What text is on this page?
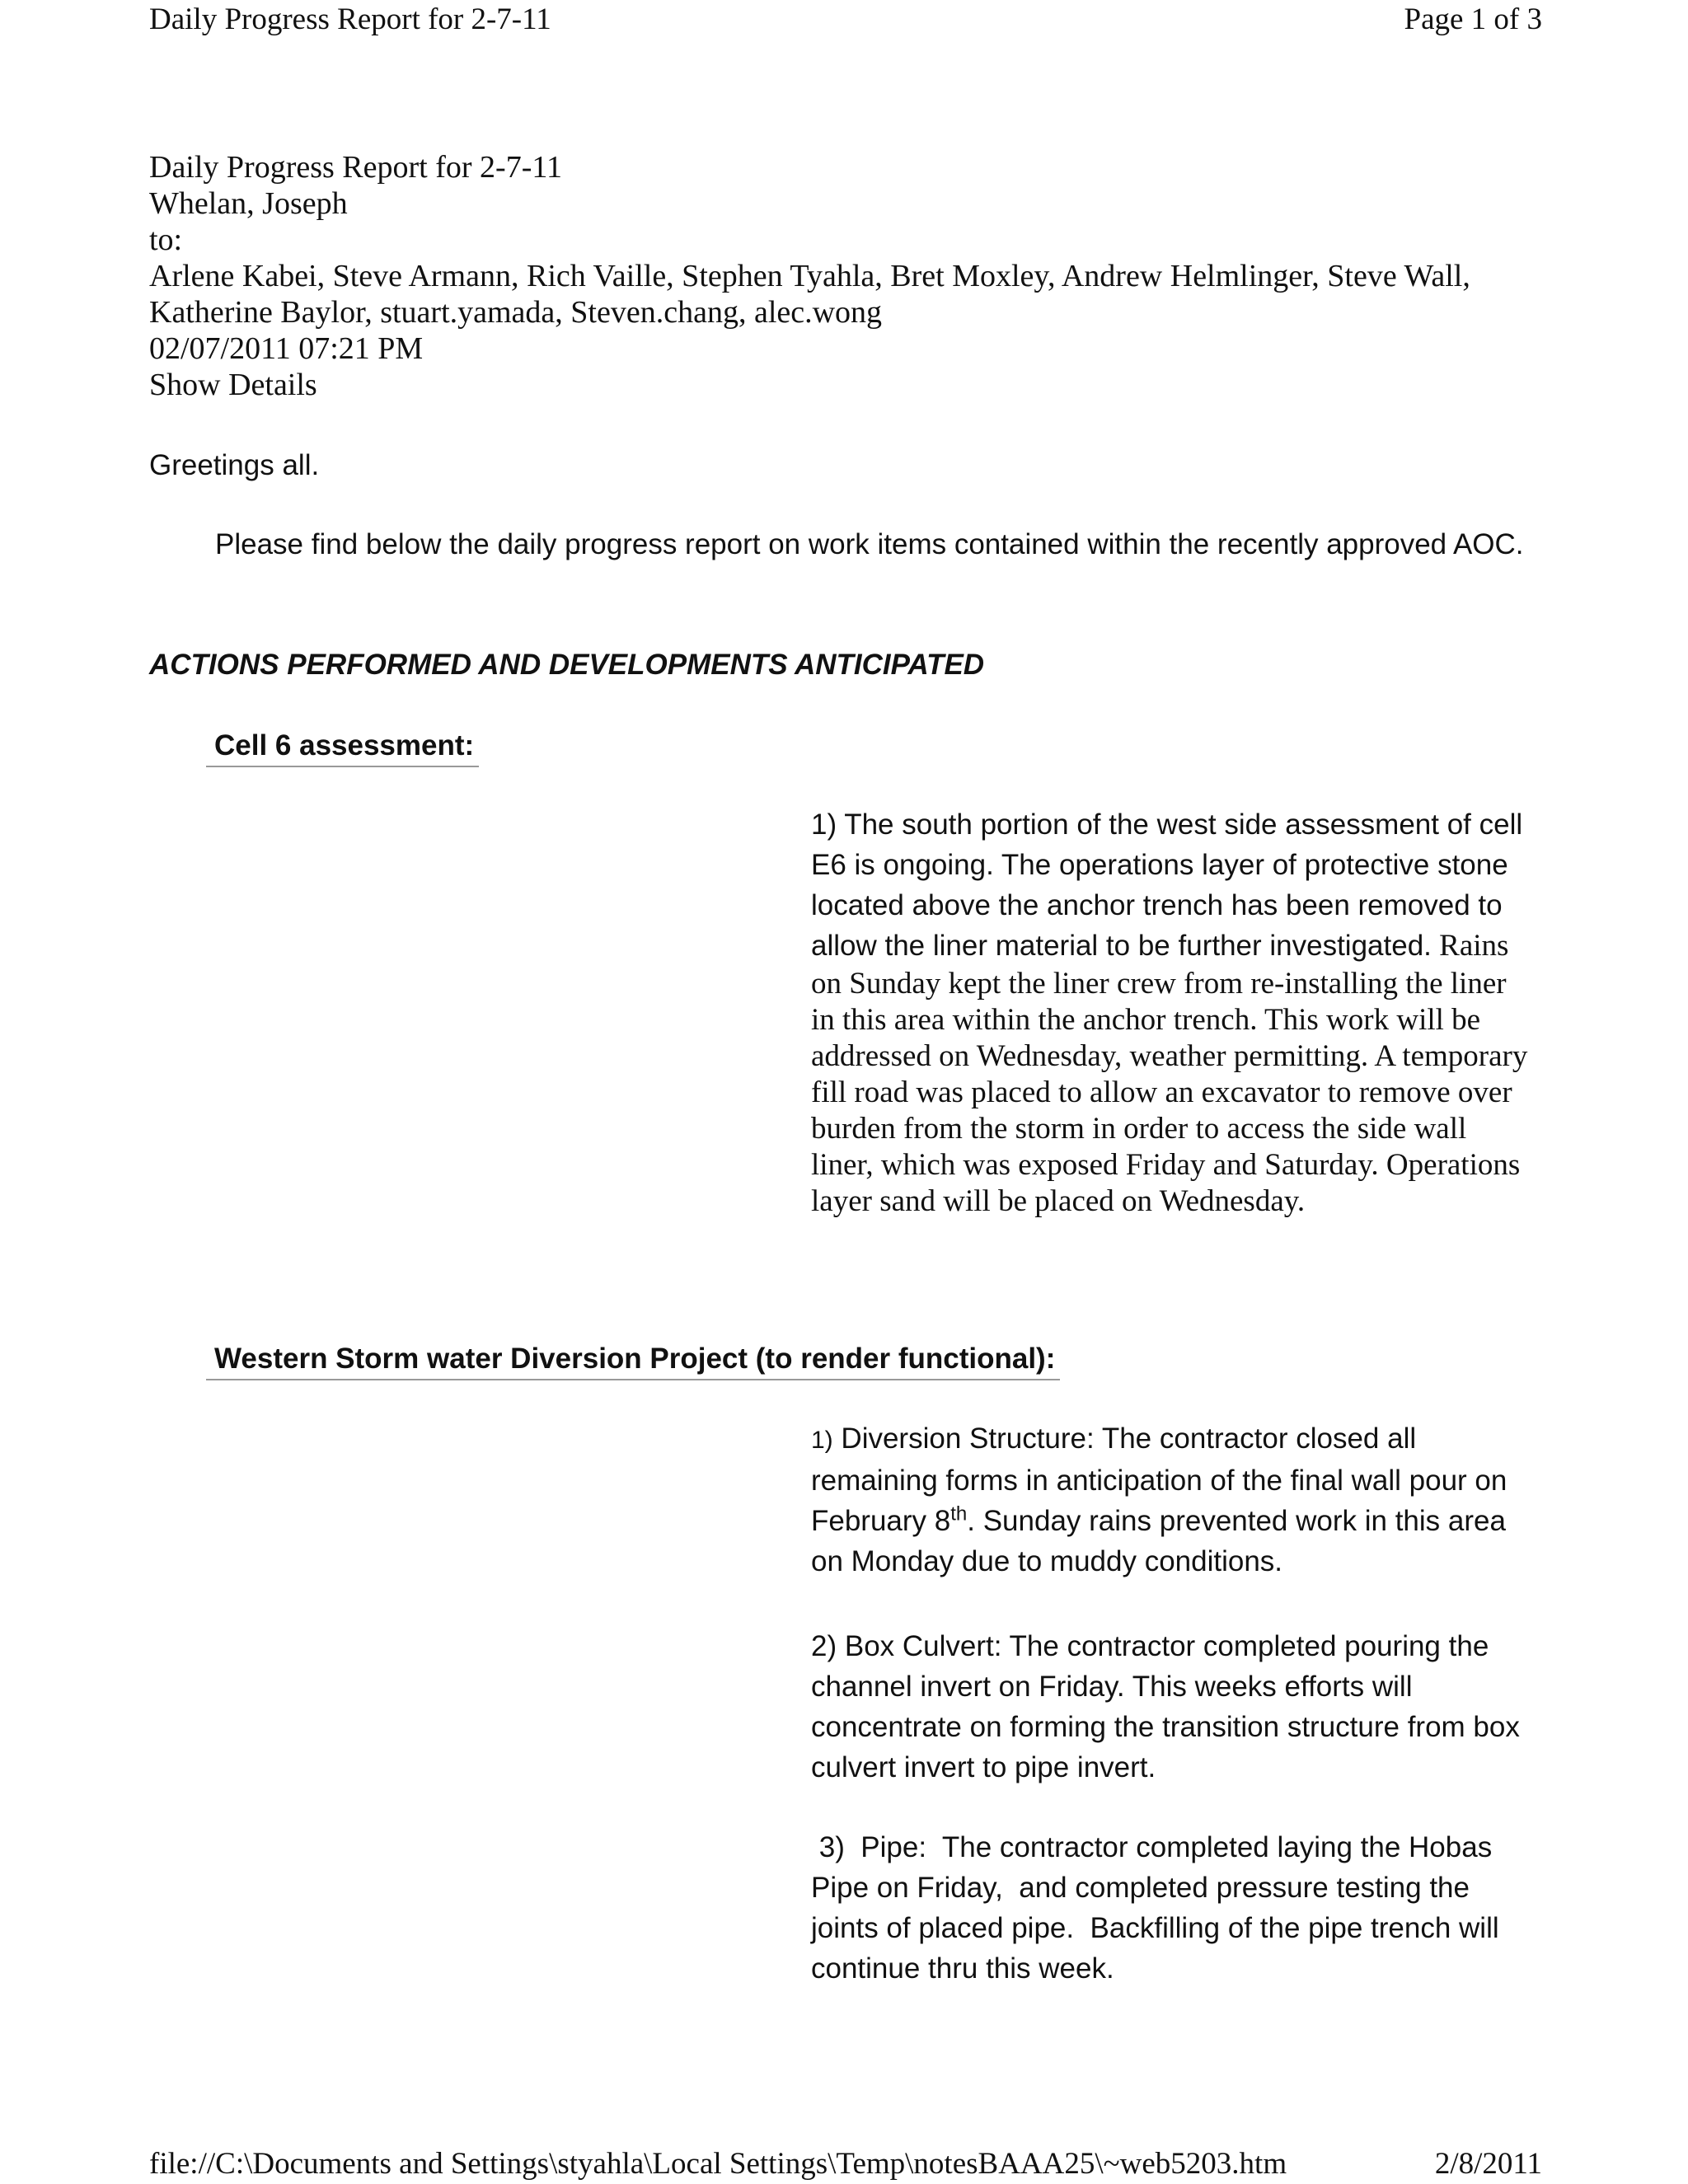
Daily Progress Report for 2-7-11	Page 1 of 3
Daily Progress Report for 2-7-11
Whelan, Joseph
to:
Arlene Kabei, Steve Armann, Rich Vaille, Stephen Tyahla, Bret Moxley, Andrew Helmlinger, Steve Wall, Katherine Baylor, stuart.yamada, Steven.chang, alec.wong
02/07/2011 07:21 PM
Show Details
Greetings all.
Please find below the daily progress report on work items contained within the recently approved AOC.
ACTIONS PERFORMED AND DEVELOPMENTS ANTICIPATED
Cell 6 assessment:

1) The south portion of the west side assessment of cell E6 is ongoing. The operations layer of protective stone located above the anchor trench has been removed to allow the liner material to be further investigated. Rains on Sunday kept the liner crew from re-installing the liner in this area within the anchor trench. This work will be addressed on Wednesday, weather permitting. A temporary fill road was placed to allow an excavator to remove over burden from the storm in order to access the side wall liner, which was exposed Friday and Saturday. Operations layer sand will be placed on Wednesday.

Western Storm water Diversion Project (to render functional):

1) Diversion Structure: The contractor closed all remaining forms in anticipation of the final wall pour on February 8th. Sunday rains prevented work in this area on Monday due to muddy conditions.

2) Box Culvert: The contractor completed pouring the channel invert on Friday. This weeks efforts will concentrate on forming the transition structure from box culvert invert to pipe invert.
3)  Pipe:  The contractor completed laying the Hobas Pipe on Friday,  and completed pressure testing the joints of placed pipe.  Backfilling of the pipe trench will continue thru this week.
file://C:\Documents and Settings\styahla\Local Settings\Temp\notesBAAA25\~web5203.htm	2/8/2011
